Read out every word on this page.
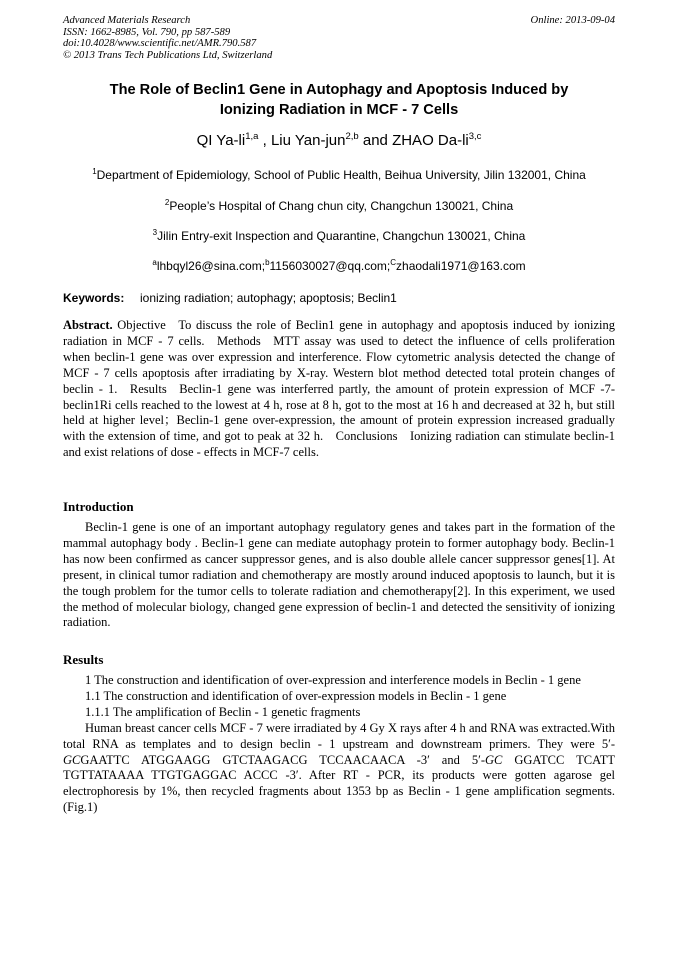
Advanced Materials Research
ISSN: 1662-8985, Vol. 790, pp 587-589
doi:10.4028/www.scientific.net/AMR.790.587
© 2013 Trans Tech Publications Ltd, Switzerland
Online: 2013-09-04
The Role of Beclin1 Gene in Autophagy and Apoptosis Induced by
Ionizing Radiation in MCF - 7 Cells
QI Ya-li$^{1,a}$ , Liu Yan-jun$^{2,b}$ and ZHAO Da-li$^{3,c}$
$^1$Department of Epidemiology, School of Public Health, Beihua University, Jilin 132001, China
$^2$People’s Hospital of Chang chun city, Changchun 130021, China
$^3$Jilin Entry-exit Inspection and Quarantine, Changchun 130021, China
$^a$lhbqyl26@sina.com;$^b$1156030027@qq.com;$^C$zhaodali1971@163.com
Keywords: ionizing radiation; autophagy; apoptosis; Beclin1

Abstract. Objective To discuss the role of Beclin1 gene in autophagy and apoptosis induced by ionizing radiation in MCF - 7 cells. Methods MTT assay was used to detect the influence of cells proliferation when beclin-1 gene was over expression and interference. Flow cytometric analysis detected the change of MCF - 7 cells apoptosis after irradiating by X-ray. Western blot method detected total protein changes of beclin - 1. Results Beclin-1 gene was interferred partly, the amount of protein expression of MCF -7-beclin1Ri cells reached to the lowest at 4 h, rose at 8 h, got to the most at 16 h and decreased at 32 h, but still held at higher level；Beclin-1 gene over-expression, the amount of protein expression increased gradually with the extension of time, and got to peak at 32 h. Conclusions Ionizing radiation can stimulate beclin-1 and exist relations of dose - effects in MCF-7 cells.

Introduction

Beclin-1 gene is one of an important autophagy regulatory genes and takes part in the formation of the mammal autophagy body . Beclin-1 gene can mediate autophagy protein to former autophagy body. Beclin-1 has now been confirmed as cancer suppressor genes, and is also double allele cancer suppressor genes[1]. At present, in clinical tumor radiation and chemotherapy are mostly around induced apoptosis to launch, but it is the tough problem for the tumor cells to tolerate radiation and chemotherapy[2]. In this experiment, we used the method of molecular biology, changed gene expression of beclin-1 and detected the sensitivity of ionizing radiation.

Results

1 The construction and identification of over-expression and interference models in Beclin - 1 gene

1.1 The construction and identification of over-expression models in Beclin - 1 gene

1.1.1 The amplification of Beclin - 1 genetic fragments

Human breast cancer cells MCF - 7 were irradiated by 4 Gy X rays after 4 h and RNA was extracted.With total RNA as templates and to design beclin - 1 upstream and downstream primers. They were 5′-GCGAATTC ATGGAAGG GTCTAAGACG TCCAACAACA -3′ and 5′-GC GGATCC TCATT TGTTATAAAA TTGTGAGGAC ACCC -3′. After RT - PCR, its products were gotten agarose gel electrophoresis by 1%, then recycled fragments about 1353 bp as Beclin - 1 gene amplification segments. (Fig.1)
